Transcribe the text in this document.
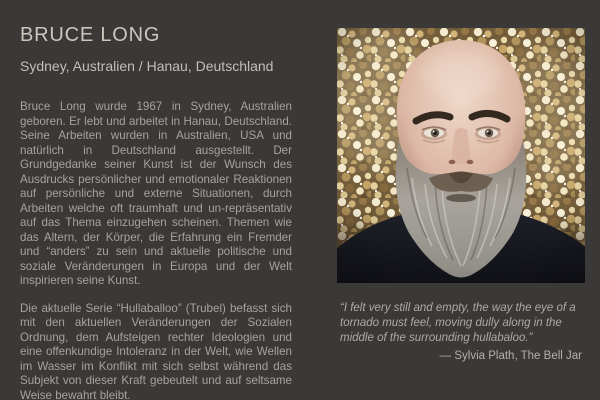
BRUCE LONG
Sydney, Australien / Hanau, Deutschland

Bruce Long wurde 1967 in Sydney, Australien geboren. Er lebt und arbeitet in Hanau, Deutschland. Seine Arbeiten wurden in Australien, USA und natürlich in Deutschland ausgestellt. Der Grundgedanke seiner Kunst ist der Wunsch des Ausdrucks persönlicher und emotionaler Reaktionen auf persönliche und externe Situationen, durch Arbeiten welche oft traumhaft und un-repräsentativ auf das Thema einzugehen scheinen. Themen wie das Altern, der Körper, die Erfahrung ein Fremder und “anders” zu sein und aktuelle politische und soziale Veränderungen in Europa und der Welt inspirieren seine Kunst.

Die aktuelle Serie “Hullaballoo” (Trubel) befasst sich mit den aktuellen Veränderungen der Sozialen Ordnung, dem Aufsteigen rechter Ideologien und eine offenkundige Intoleranz in der Welt, wie Wellen im Wasser im Konflikt mit sich selbst während das Subjekt von dieser Kraft gebeutelt und auf seltsame Weise bewahrt bleibt.

“I felt very still and empty, the way the eye of a tornado must feel, moving dully along in the middle of the surrounding hullabaloo.”
— Sylvia Plath, The Bell Jar
